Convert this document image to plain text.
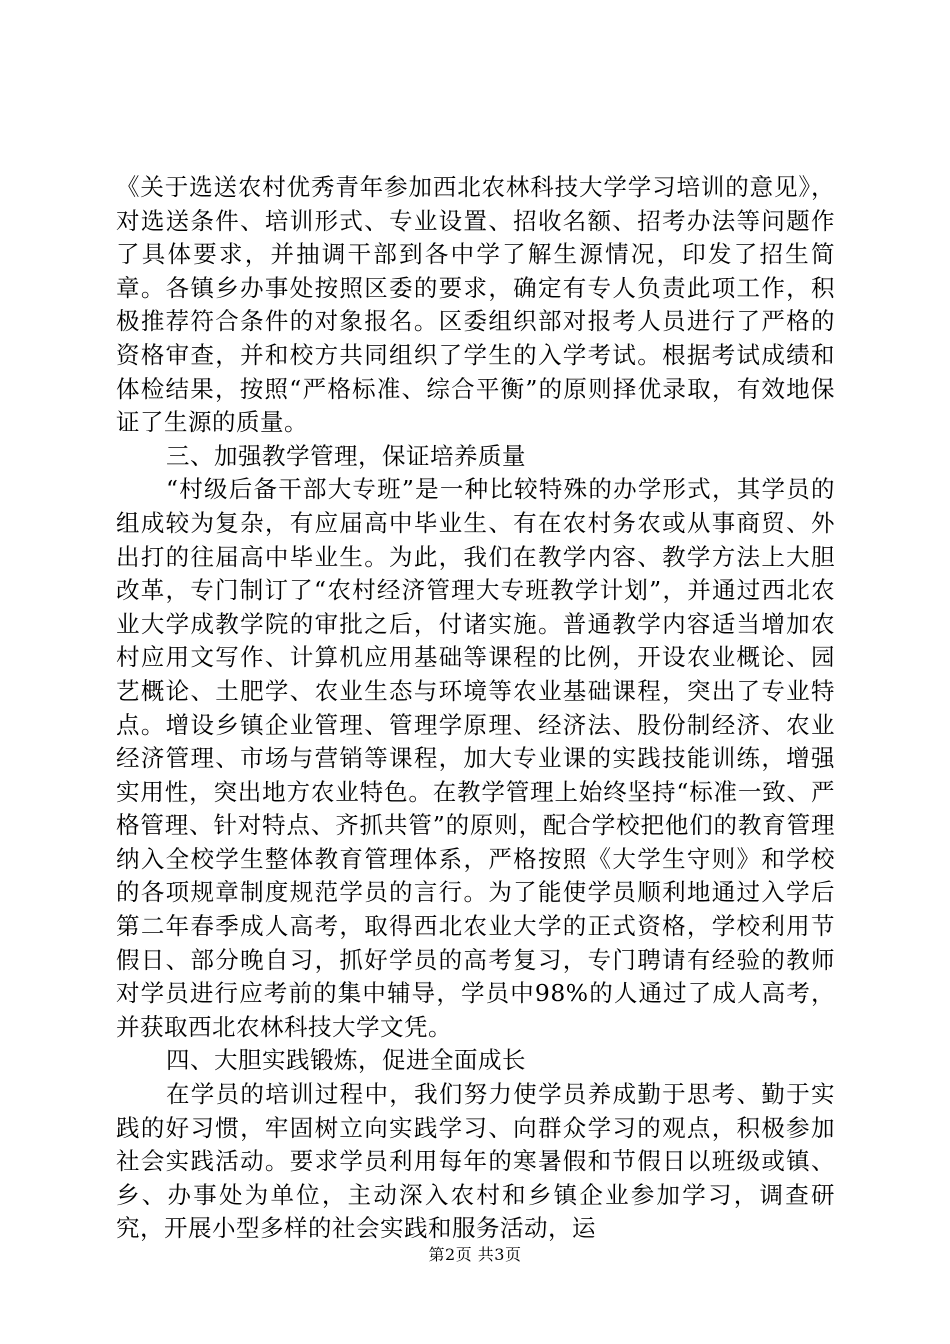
《关于选送农村优秀青年参加西北农林科技大学学习培训的意见》，对选送条件、培训形式、专业设置、招收名额、招考办法等问题作了具体要求，并抽调干部到各中学了解生源情况，印发了招生简章。各镇乡办事处按照区委的要求，确定有专人负责此项工作，积极推荐符合条件的对象报名。区委组织部对报考人员进行了严格的资格审查，并和校方共同组织了学生的入学考试。根据考试成绩和体检结果，按照“严格标准、综合平衡”的原则择优录取，有效地保证了生源的质量。

三、加强教学管理，保证培养质量

“村级后备干部大专班”是一种比较特殊的办学形式，其学员的组成较为复杂，有应届高中毕业生、有在农村务农或从事商贸、外出打的往届高中毕业生。为此，我们在教学内容、教学方法上大胆改革，专门制订了“农村经济管理大专班教学计划”，并通过西北农业大学成教学院的审批之后，付诸实施。普通教学内容适当增加农村应用文写作、计算机应用基础等课程的比例，开设农业概论、园艺概论、土肥学、农业生态与环境等农业基础课程，突出了专业特点。增设乡镇企业管理、管理学原理、经济法、股份制经济、农业经济管理、市场与营销等课程，加大专业课的实践技能训练，增强实用性，突出地方农业特色。在教学管理上始终坚持“标准一致、严格管理、针对特点、齐抓共管”的原则，配合学校把他们的教育管理纳入全校学生整体教育管理体系，严格按照《大学生守则》和学校的各项规章制度规范学员的言行。为了能使学员顺利地通过入学后第二年春季成人高考，取得西北农业大学的正式资格，学校利用节假日、部分晚自习，抓好学员的高考复习，专门聘请有经验的教师对学员进行应考前的集中辅导，学员中98%的人通过了成人高考，并获取西北农林科技大学文凭。

四、大胆实践锻炼，促进全面成长

在学员的培训过程中，我们努力使学员养成勤于思考、勤于实践的好习惯，牢固树立向实践学习、向群众学习的观点，积极参加社会实践活动。要求学员利用每年的寒暑假和节假日以班级或镇、乡、办事处为单位，主动深入农村和乡镇企业参加学习，调查研究，开展小型多样的社会实践和服务活动，运

第2页 共3页
